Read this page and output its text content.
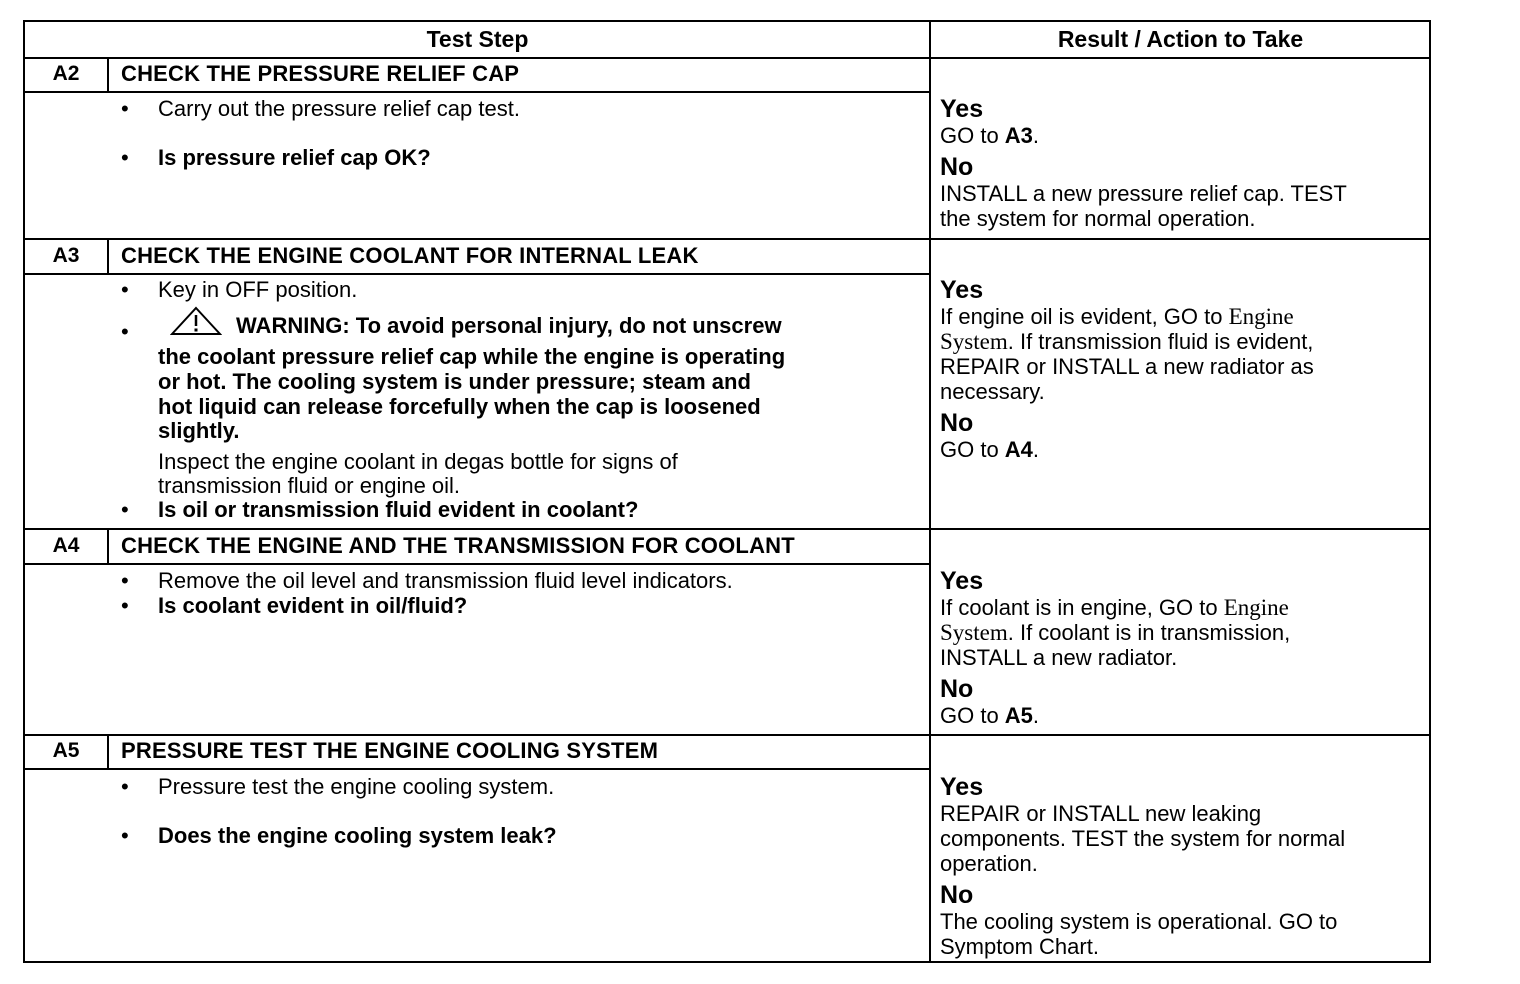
Test Step	Result / Action to Take
A2	CHECK THE PRESSURE RELIEF CAP
• Carry out the pressure relief cap test.
• Is pressure relief cap OK?

Yes

GO to A3.

No

INSTALL a new pressure relief cap. TEST
the system for normal operation.

A3	CHECK THE ENGINE COOLANT FOR INTERNAL LEAK
• Key in OFF position.
•	WARNING: To avoid personal injury, do not unscrew
the coolant pressure relief cap while the engine is operating
or hot. The cooling system is under pressure; steam and
hot liquid can release forcefully when the cap is loosened
slightly.
Inspect the engine coolant in degas bottle for signs of
transmission fluid or engine oil.
• Is oil or transmission fluid evident in coolant?

Yes

If engine oil is evident, GO to Engine
System. If transmission fluid is evident,
REPAIR or INSTALL a new radiator as
necessary.

No

GO to A4.

A4	CHECK THE ENGINE AND THE TRANSMISSION FOR COOLANT
• Remove the oil level and transmission fluid level indicators.
• Is coolant evident in oil/fluid?

Yes

If coolant is in engine, GO to Engine
System. If coolant is in transmission,
INSTALL a new radiator.

No

GO to A5.

A5	PRESSURE TEST THE ENGINE COOLING SYSTEM
• Pressure test the engine cooling system.
• Does the engine cooling system leak?

Yes

REPAIR or INSTALL new leaking
components. TEST the system for normal
operation.

No

The cooling system is operational. GO to
Symptom Chart.
